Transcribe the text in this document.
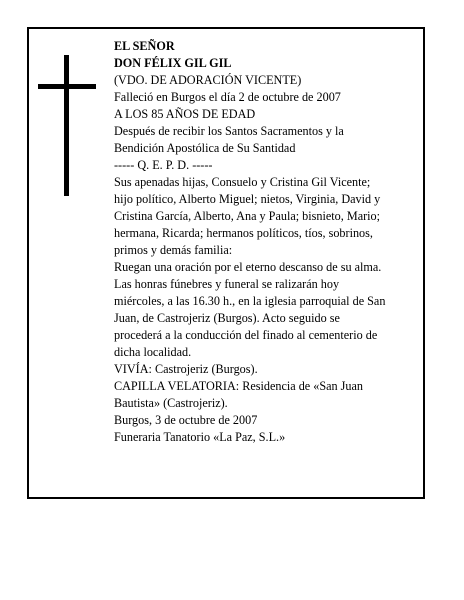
EL SEÑOR
DON FÉLIX GIL GIL
(VDO. DE ADORACIÓN VICENTE)
Falleció en Burgos el día 2 de octubre de 2007
A LOS 85 AÑOS DE EDAD
Después de recibir los Santos Sacramentos y la
Bendición Apostólica de Su Santidad
----- Q. E. P. D. -----
Sus apenadas hijas, Consuelo y Cristina Gil Vicente;
hijo político, Alberto Miguel; nietos, Virginia, David y
Cristina García, Alberto, Ana y Paula; bisnieto, Mario;
hermana, Ricarda; hermanos políticos, tíos, sobrinos,
primos y demás familia:
Ruegan una oración por el eterno descanso de su alma.
Las honras fúnebres y funeral se ralizarán hoy
miércoles, a las 16.30 h., en la iglesia parroquial de San
Juan, de Castrojeriz (Burgos). Acto seguido se
procederá a la conducción del finado al cementerio de
dicha localidad.
VIVÍA: Castrojeriz (Burgos).
CAPILLA VELATORIA: Residencia de «San Juan
Bautista» (Castrojeriz).
Burgos, 3 de octubre de 2007
Funeraria Tanatorio «La Paz, S.L.»
